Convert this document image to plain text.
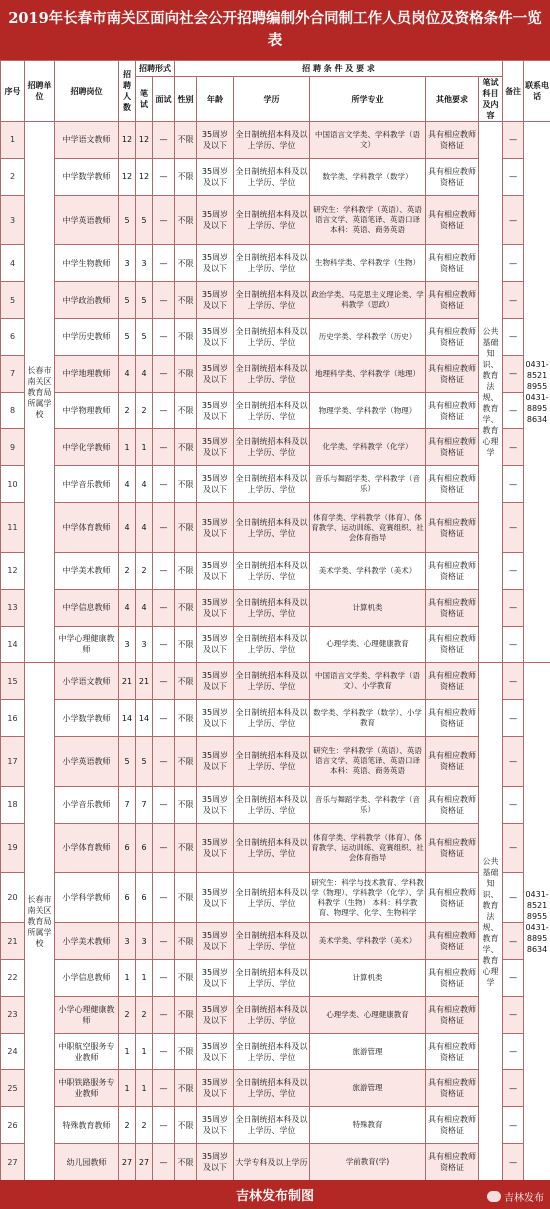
2019年长春市南关区面向社会公开招聘编制外合同制工作人员岗位及资格条件一览表
序号	招聘单位	招聘岗位	招聘人数	招聘形式		招 聘 条 件 及 要 求						备注	联系电话
				笔试	面试	性别	年龄	学历	所学专业	其他要求	笔试科目及内容		

1	长春市南关区教育局所属学校	中学语文教师	12	12	—	不限	35周岁及以下	全日制统招本科及以上学历、学位	中国语言文学类、学科教学（语文）	具有相应教师资格证	公共基础知识、教育法规、教育学、教育心理学	—	0431-85218955 0431-88958634
2		中学数学教师	12	12	—	不限	35周岁及以下	全日制统招本科及以上学历、学位	数学类、学科教学（数学）	具有相应教师资格证		—	
3		中学英语教师	5	5	—	不限	35周岁及以下	全日制统招本科及以上学历、学位	研究生：学科教学（英语）、英语语言文学、英语笔译、英语口译 本科：英语、商务英语	具有相应教师资格证		—	
4		中学生物教师	3	3	—	不限	35周岁及以下	全日制统招本科及以上学历、学位	生物科学类、学科教学（生物）	具有相应教师资格证		—	
5		中学政治教师	5	5	—	不限	35周岁及以下	全日制统招本科及以上学历、学位	政治学类、马克思主义理论类、学科教学（思政）	具有相应教师资格证		—	
6		中学历史教师	5	5	—	不限	35周岁及以下	全日制统招本科及以上学历、学位	历史学类、学科教学（历史）	具有相应教师资格证		—	
7		中学地理教师	4	4	—	不限	35周岁及以下	全日制统招本科及以上学历、学位	地理科学类、学科教学（地理）	具有相应教师资格证		—	
8		中学物理教师	2	2	—	不限	35周岁及以下	全日制统招本科及以上学历、学位	物理学类、学科教学（物理）	具有相应教师资格证		—	
9		中学化学教师	1	1	—	不限	35周岁及以下	全日制统招本科及以上学历、学位	化学类、学科教学（化学）	具有相应教师资格证		—	
10		中学音乐教师	4	4	—	不限	35周岁及以下	全日制统招本科及以上学历、学位	音乐与舞蹈学类、学科教学（音乐）	具有相应教师资格证		—	
11		中学体育教师	4	4	—	不限	35周岁及以下	全日制统招本科及以上学历、学位	体育学类、学科教学（体育）、体育教学、运动训练、竞赛组织、社会体育指导	具有相应教师资格证		—	
12		中学美术教师	2	2	—	不限	35周岁及以下	全日制统招本科及以上学历、学位	美术学类、学科教学（美术）	具有相应教师资格证		—	
13		中学信息教师	4	4	—	不限	35周岁及以下	全日制统招本科及以上学历、学位	计算机类	具有相应教师资格证		—	
14		中学心理健康教师	3	3	—	不限	35周岁及以下	全日制统招本科及以上学历、学位	心理学类、心理健康教育	具有相应教师资格证		—	
15	长春市南关区教育局所属学校	小学语文教师	21	21	—	不限	35周岁及以下	全日制统招本科及以上学历、学位	中国语言文学类、学科教学（语文）、小学教育	具有相应教师资格证	公共基础知识、教育法规、教育学、教育心理学	—	0431-85218955 0431-88958634
16		小学数学教师	14	14	—	不限	35周岁及以下	全日制统招本科及以上学历、学位	数学类、学科教学（数学）、小学教育	具有相应教师资格证		—	
17		小学英语教师	5	5	—	不限	35周岁及以下	全日制统招本科及以上学历、学位	研究生：学科教学（英语）、英语语言文学、英语笔译、英语口译 本科：英语、商务英语	具有相应教师资格证		—	
18		小学音乐教师	7	7	—	不限	35周岁及以下	全日制统招本科及以上学历、学位	音乐与舞蹈学类、学科教学（音乐）	具有相应教师资格证		—	
19		小学体育教师	6	6	—	不限	35周岁及以下	全日制统招本科及以上学历、学位	体育学类、学科教学（体育）、体育教学、运动训练、竞赛组织、社会体育指导	具有相应教师资格证		—	
20		小学科学教师	6	6	—	不限	35周岁及以下	全日制统招本科及以上学历、学位	研究生：科学与技术教育、学科教学（物理）、学科教学（化学）、学科教学（生物） 本科：科学教育、物理学、化学、生物科学	具有相应教师资格证		—	
21		小学美术教师	3	3	—	不限	35周岁及以下	全日制统招本科及以上学历、学位	美术学类、学科教学（美术）	具有相应教师资格证		—	
22		小学信息教师	1	1	—	不限	35周岁及以下	全日制统招本科及以上学历、学位	计算机类	具有相应教师资格证		—	
23		小学心理健康教师	2	2	—	不限	35周岁及以下	全日制统招本科及以上学历、学位	心理学类、心理健康教育	具有相应教师资格证		—	
24		中职航空服务专业教师	1	1	—	不限	35周岁及以下	全日制统招本科及以上学历、学位	旅游管理	具有相应教师资格证		—	
25		中职铁路服务专业教师	1	1	—	不限	35周岁及以下	全日制统招本科及以上学历、学位	旅游管理	具有相应教师资格证		—	
26		特殊教育教师	2	2	—	不限	35周岁及以下	全日制统招本科及以上学历、学位	特殊教育	具有相应教师资格证		—	
27		幼儿园教师	27	27	—	不限	35周岁及以下	大学专科及以上学历	学前教育(学)	具有相应教师资格证		—	
吉林发布制图	吉林发布
